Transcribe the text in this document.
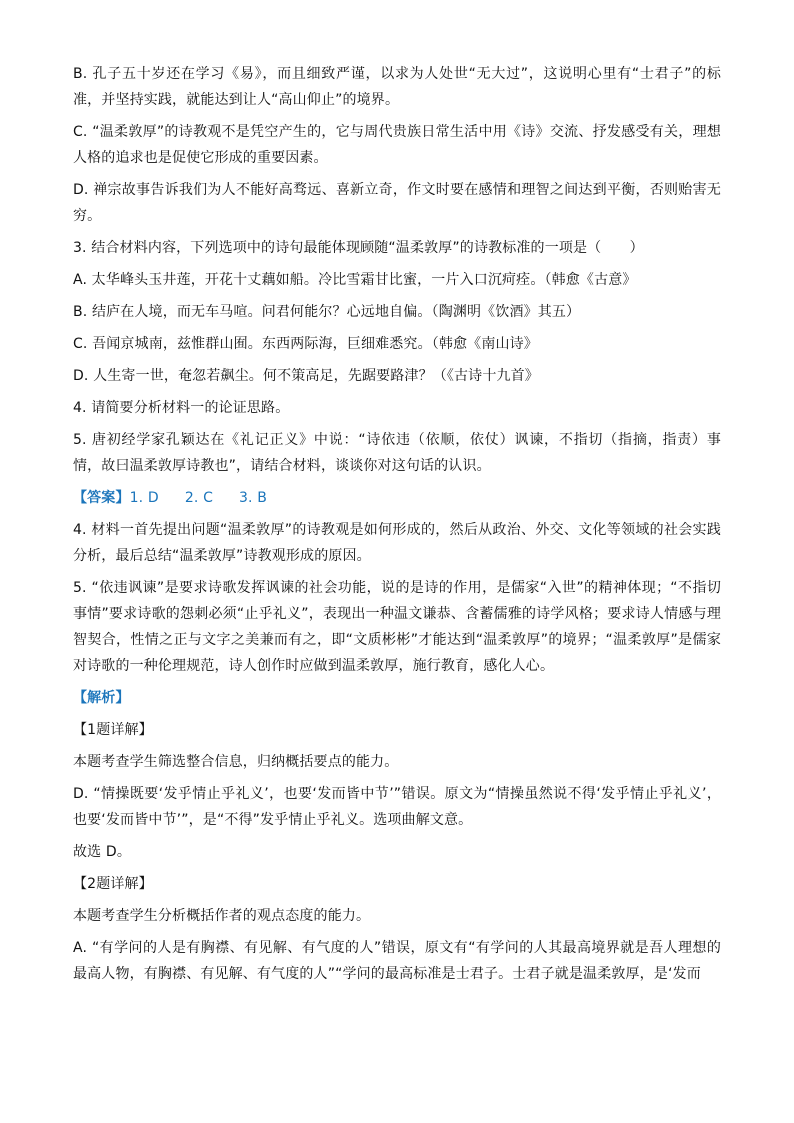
B. 孔子五十岁还在学习《易》，而且细致严谨，以求为人处世“无大过”，这说明心里有“士君子”的标准，并坚持实践，就能达到让人“高山仰止”的境界。

C. “温柔敦厚”的诗教观不是凭空产生的，它与周代贵族日常生活中用《诗》交流、抒发感受有关，理想人格的追求也是促使它形成的重要因素。

D. 禅宗故事告诉我们为人不能好高骛远、喜新立奇，作文时要在感情和理智之间达到平衡，否则贻害无穷。

3. 结合材料内容，下列选项中的诗句最能体现顾随“温柔敦厚”的诗教标准的一项是（　　）

A. 太华峰头玉井莲，开花十丈藕如船。冷比雪霜甘比蜜，一片入口沉疴痊。（韩愈《古意》

B. 结庐在人境，而无车马喧。问君何能尔？心远地自偏。（陶渊明《饮酒》其五）

C. 吾闻京城南，兹惟群山囿。东西两际海，巨细难悉究。（韩愈《南山诗》

D. 人生寄一世，奄忽若飙尘。何不策高足，先踞要路津？（《古诗十九首》

4. 请简要分析材料一的论证思路。

5. 唐初经学家孔颖达在《礼记正义》中说：“诗依违（依顺，依仗）讽谏，不指切（指摘，指责）事情，故曰温柔敦厚诗教也”，请结合材料，谈谈你对这句话的认识。

【答案】1. D 2. C 3. B

4. 材料一首先提出问题“温柔敦厚”的诗教观是如何形成的，然后从政治、外交、文化等领域的社会实践分析，最后总结“温柔敦厚”诗教观形成的原因。

5. “依违讽谏”是要求诗歌发挥讽谏的社会功能，说的是诗的作用，是儒家“入世”的精神体现；“不指切事情”要求诗歌的怨刺必须“止乎礼义”，表现出一种温文谦恭、含蓄儒雅的诗学风格；要求诗人情感与理智契合，性情之正与文字之美兼而有之，即“文质彬彬”才能达到“温柔敦厚”的境界；“温柔敦厚”是儒家对诗歌的一种伦理规范，诗人创作时应做到温柔敦厚，施行教育，感化人心。

【解析】

【1题详解】

本题考查学生筛选整合信息，归纳概括要点的能力。

D. “情操既要‘发乎情止乎礼义’，也要‘发而皆中节’”错误。原文为“情操虽然说不得‘发乎情止乎礼义’，也要‘发而皆中节’”，是“不得”发乎情止乎礼义。选项曲解文意。

故选 D。

【2题详解】

本题考查学生分析概括作者的观点态度的能力。

A. “有学问的人是有胸襟、有见解、有气度的人”错误，原文有“有学问的人其最高境界就是吾人理想的最高人物，有胸襟、有见解、有气度的人”“学问的最高标准是士君子。士君子就是温柔敦厚，是‘发而
